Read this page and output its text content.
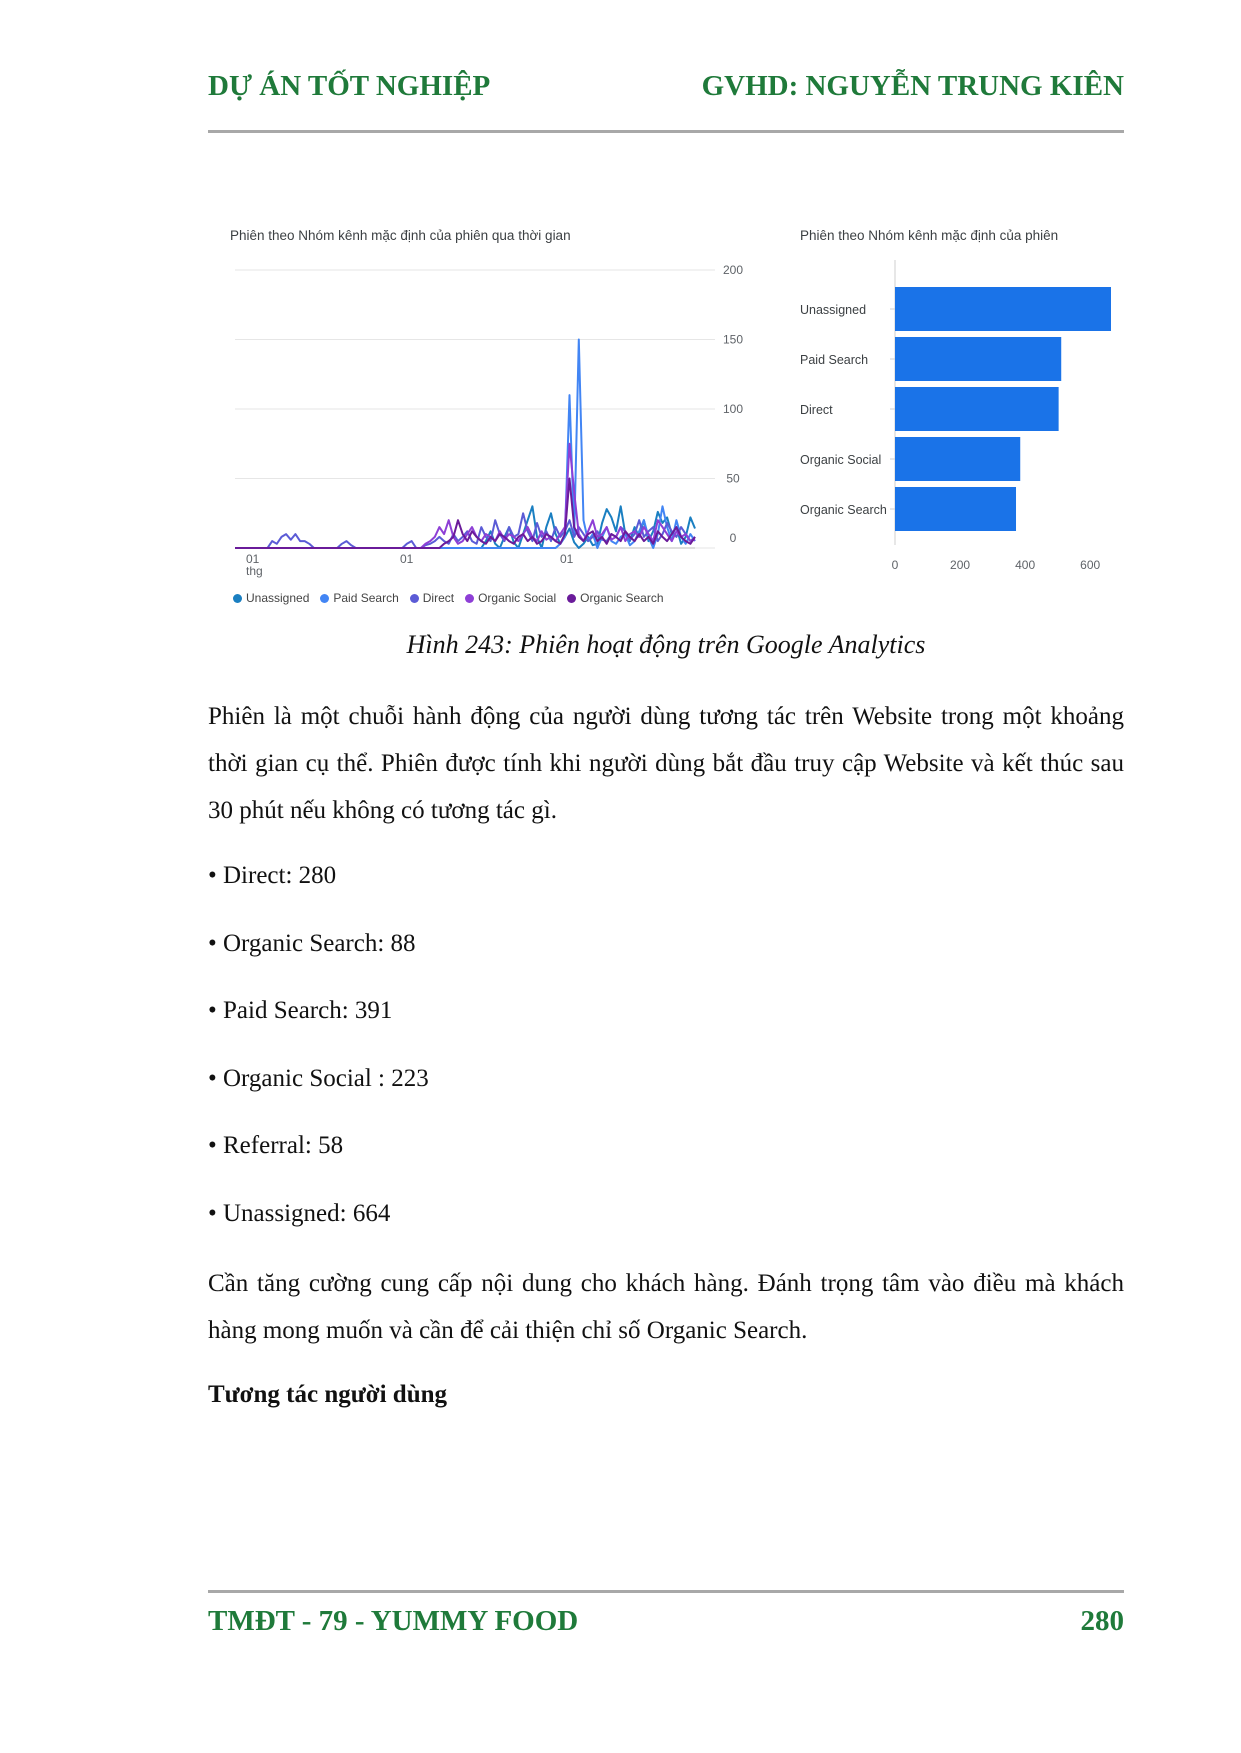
DỰ ÁN TỐT NGHIỆP	GVHD: NGUYỄN TRUNG KIÊN
Phiên theo Nhóm kênh mặc định của phiên qua thời gian
0
50
100
150
200
01
thg
01	01
Unassigned Paid Search Direct Organic Social Organic Search
Phiên theo Nhóm kênh mặc định của phiên
Unassigned
Paid Search
Direct
Organic Social
Organic Search
0	200	400	600
Hình 243: Phiên hoạt động trên Google Analytics
Phiên là một chuỗi hành động của người dùng tương tác trên Website trong một khoảng thời gian cụ thể. Phiên được tính khi người dùng bắt đầu truy cập Website và kết thúc sau 30 phút nếu không có tương tác gì.
• Direct: 280
• Organic Search: 88
• Paid Search: 391
• Organic Social : 223
• Referral: 58
• Unassigned: 664
Cần tăng cường cung cấp nội dung cho khách hàng. Đánh trọng tâm vào điều mà khách hàng mong muốn và cần để cải thiện chỉ số Organic Search.
Tương tác người dùng
TMĐT - 79 - YUMMY FOOD	280
